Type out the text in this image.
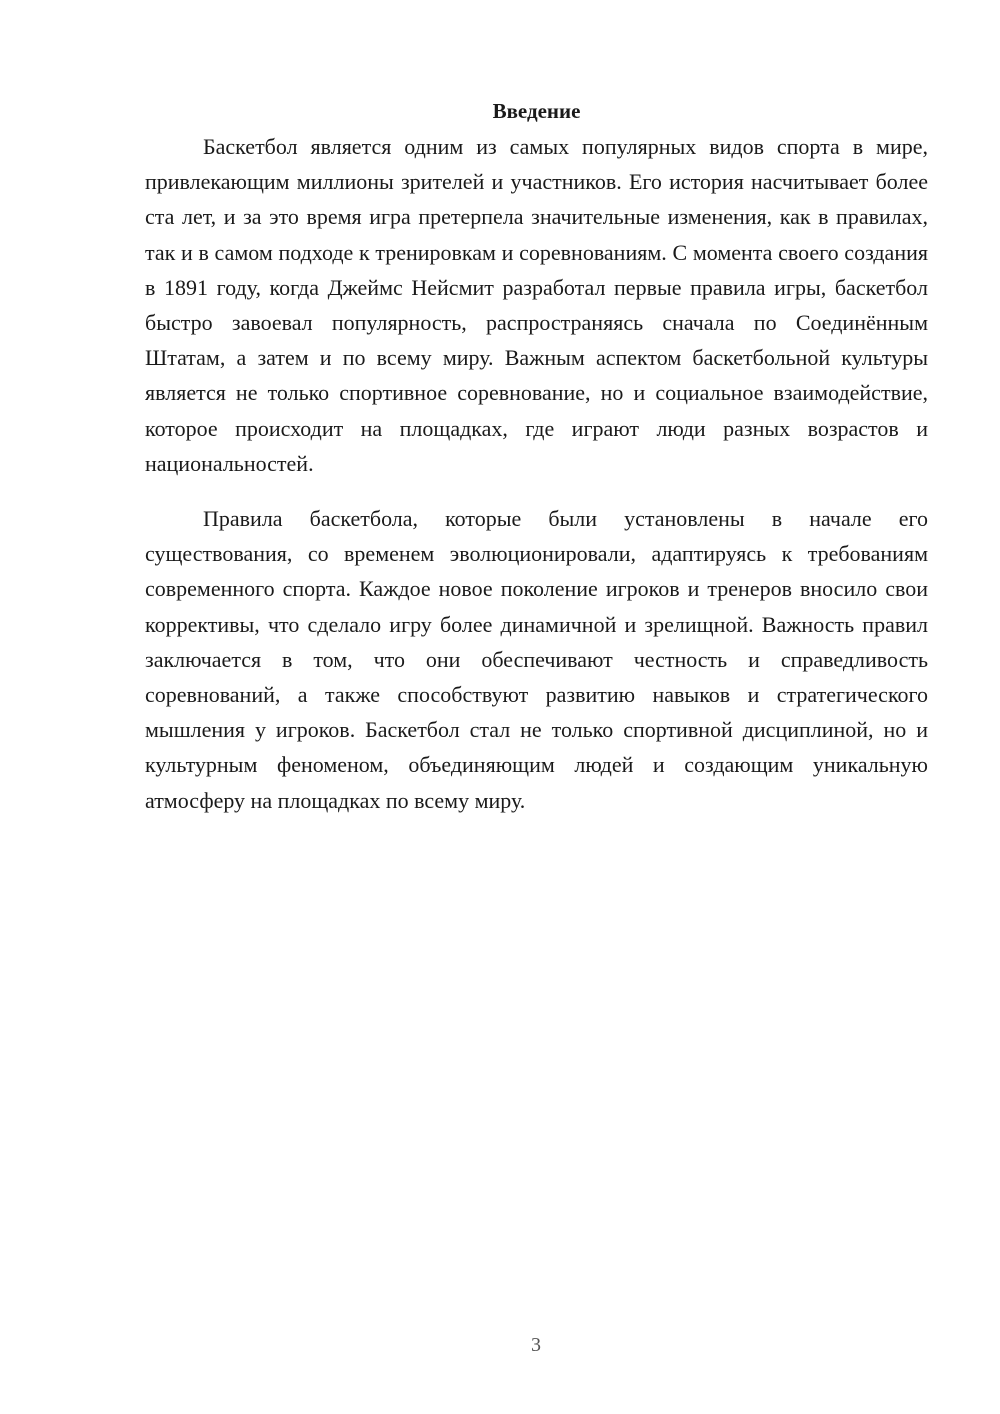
Введение

Баскетбол является одним из самых популярных видов спорта в мире, привлекающим миллионы зрителей и участников. Его история насчитывает более ста лет, и за это время игра претерпела значительные изменения, как в правилах, так и в самом подходе к тренировкам и соревнованиям. С момента своего создания в 1891 году, когда Джеймс Нейсмит разработал первые правила игры, баскетбол быстро завоевал популярность, распространяясь сначала по Соединённым Штатам, а затем и по всему миру. Важным аспектом баскетбольной культуры является не только спортивное соревнование, но и социальное взаимодействие, которое происходит на площадках, где играют люди разных возрастов и национальностей.

Правила баскетбола, которые были установлены в начале его существования, со временем эволюционировали, адаптируясь к требованиям современного спорта. Каждое новое поколение игроков и тренеров вносило свои коррективы, что сделало игру более динамичной и зрелищной. Важность правил заключается в том, что они обеспечивают честность и справедливость соревнований, а также способствуют развитию навыков и стратегического мышления у игроков. Баскетбол стал не только спортивной дисциплиной, но и культурным феноменом, объединяющим людей и создающим уникальную атмосферу на площадках по всему миру.

3
